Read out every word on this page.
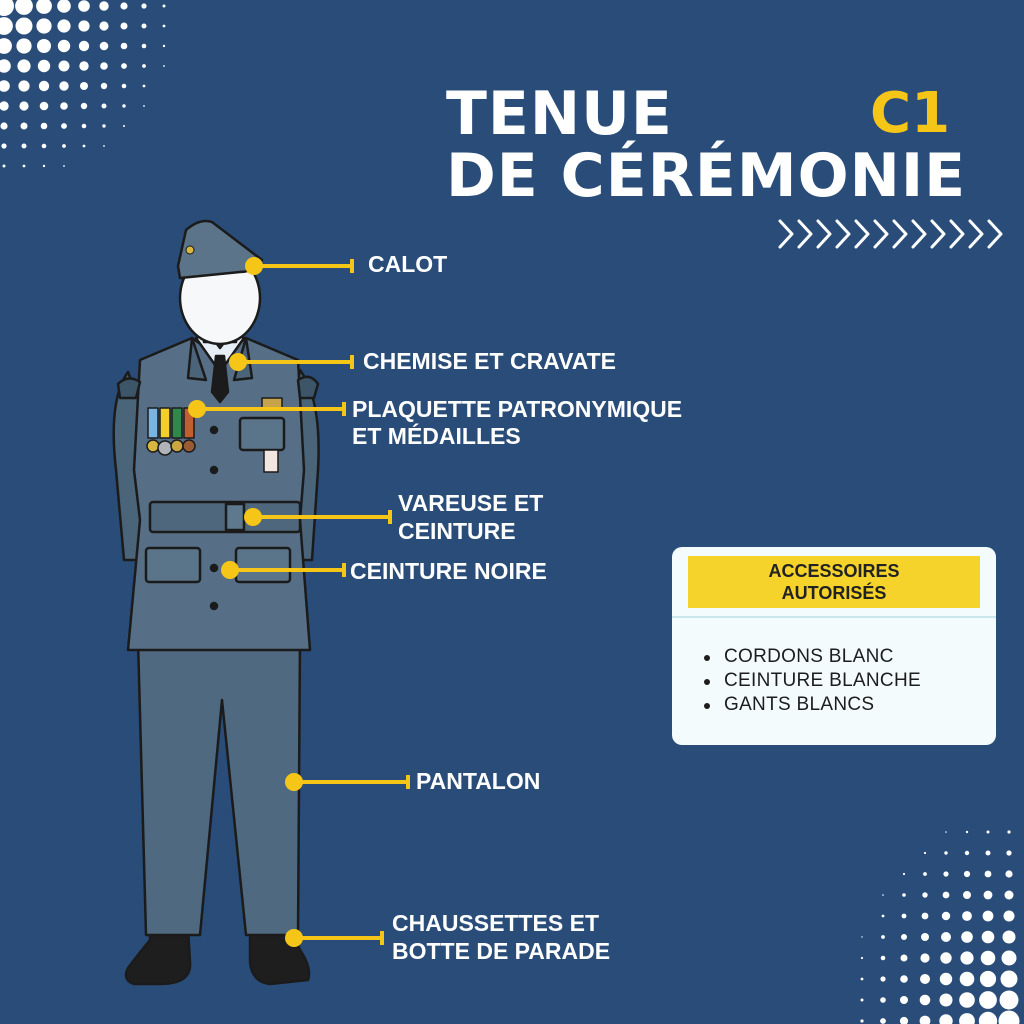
TENUE
DE CÉRÉMONIE
C1
CALOT
CHEMISE ET CRAVATE
PLAQUETTE PATRONYMIQUE
ET MÉDAILLES
VAREUSE ET
CEINTURE
CEINTURE NOIRE
PANTALON
CHAUSSETTES ET
BOTTE DE PARADE
ACCESSOIRES
AUTORISÉS
CORDONS BLANC
CEINTURE BLANCHE
GANTS BLANCS
